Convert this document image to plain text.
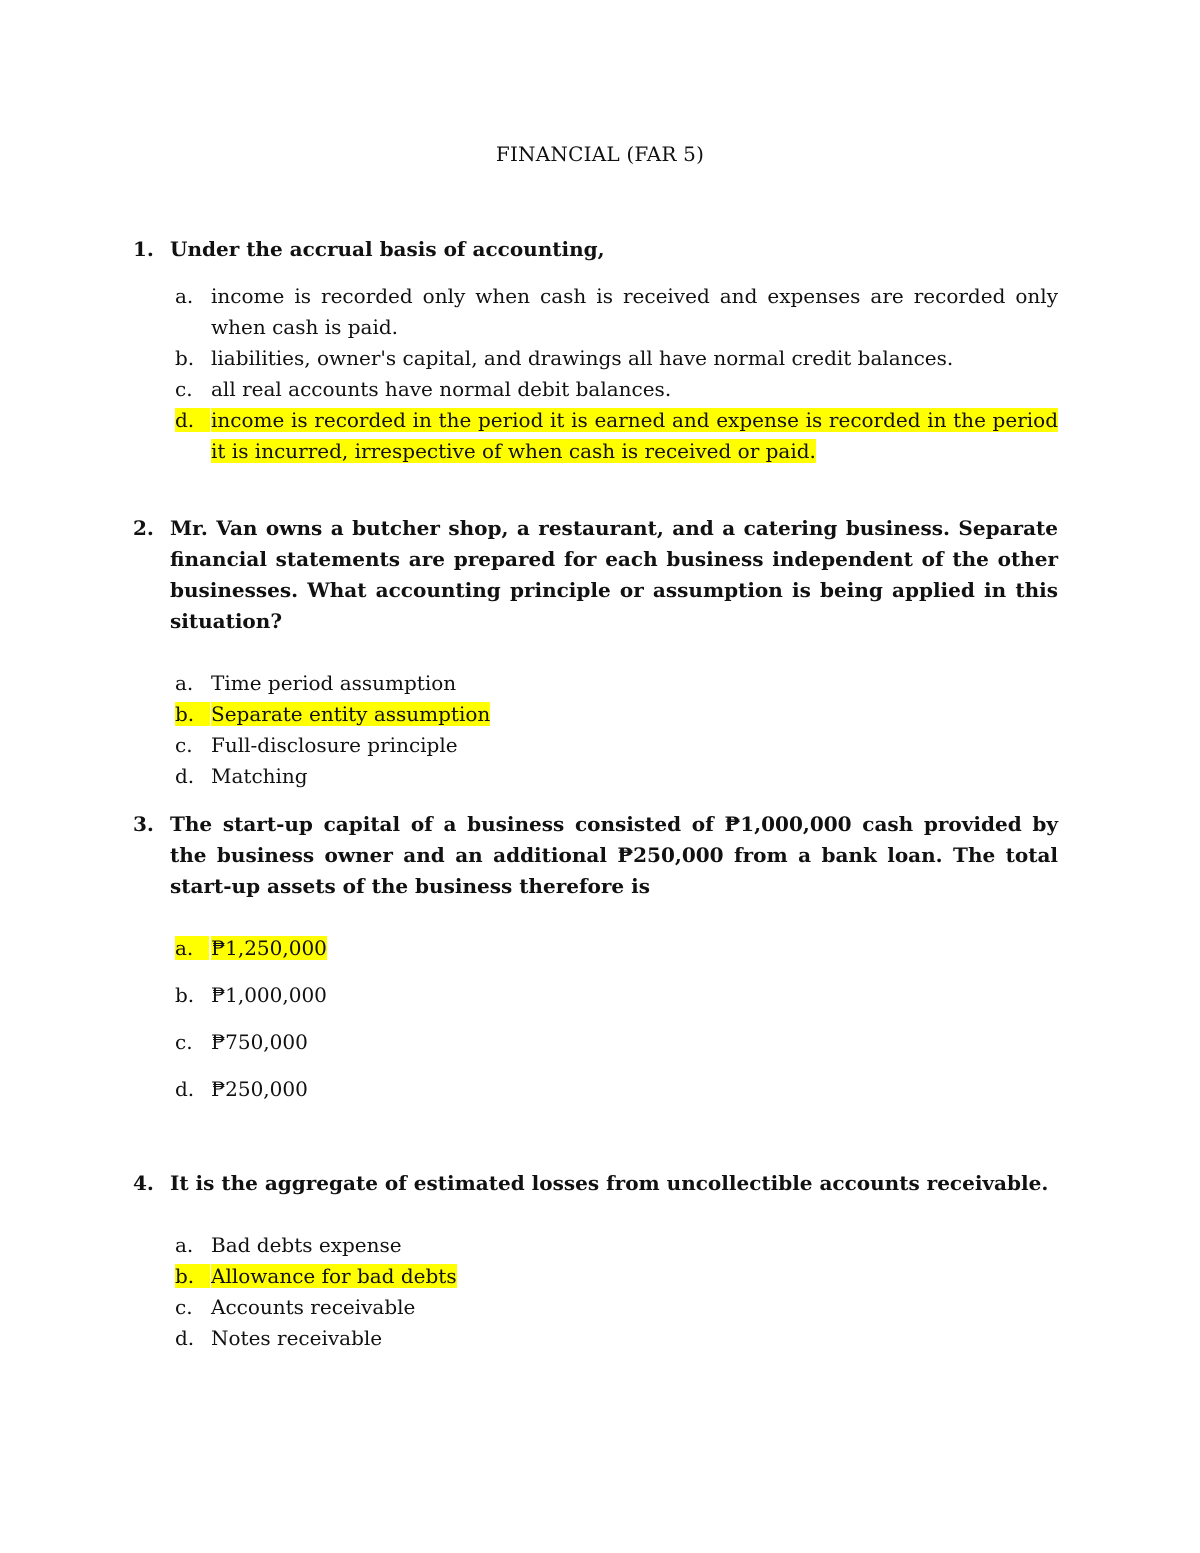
FINANCIAL (FAR 5)
1. Under the accrual basis of accounting,
a. income is recorded only when cash is received and expenses are recorded only when cash is paid.
b. liabilities, owner's capital, and drawings all have normal credit balances.
c. all real accounts have normal debit balances.
d. income is recorded in the period it is earned and expense is recorded in the period it is incurred, irrespective of when cash is received or paid.
2. Mr. Van owns a butcher shop, a restaurant, and a catering business. Separate financial statements are prepared for each business independent of the other businesses. What accounting principle or assumption is being applied in this situation?
a. Time period assumption
b. Separate entity assumption
c. Full-disclosure principle
d. Matching
3. The start-up capital of a business consisted of ₱1,000,000 cash provided by the business owner and an additional ₱250,000 from a bank loan. The total start-up assets of the business therefore is
a. ₱1,250,000
b. ₱1,000,000
c. ₱750,000
d. ₱250,000
4. It is the aggregate of estimated losses from uncollectible accounts receivable.
a. Bad debts expense
b. Allowance for bad debts
c. Accounts receivable
d. Notes receivable
